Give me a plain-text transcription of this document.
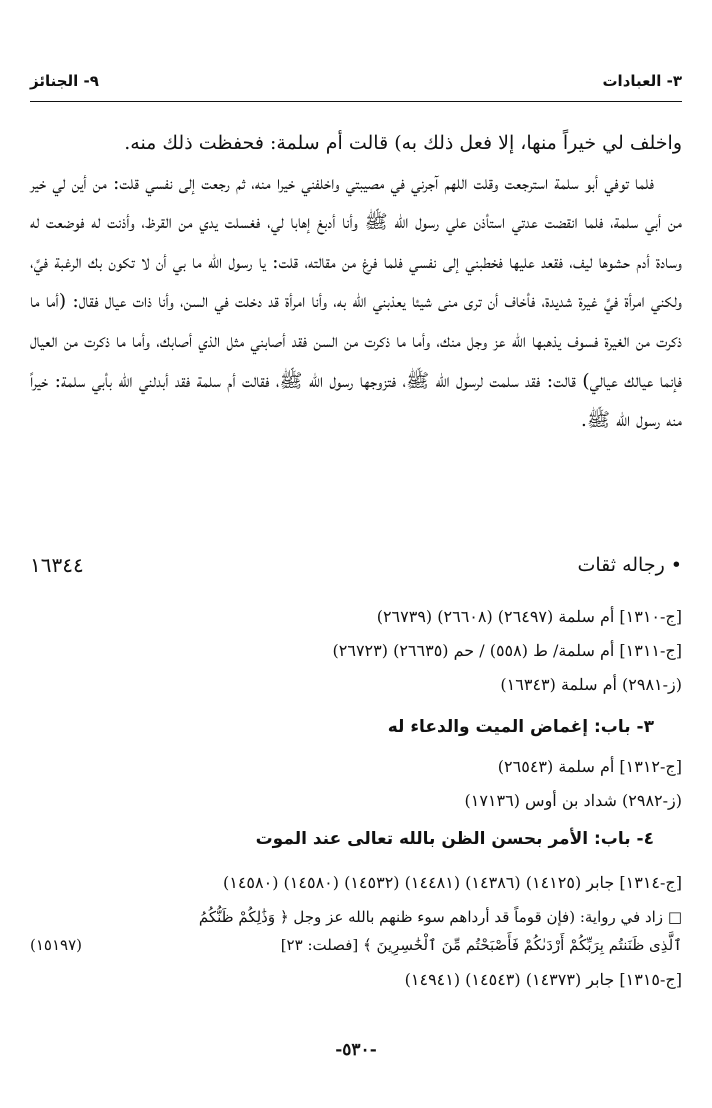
٣- العبادات
٩- الجنائز

واخلف لي خيراً منها، إلا فعل ذلك به) قالت أم سلمة: فحفظت ذلك منه.

فلما توفي أبو سلمة استرجعت وقلت اللهم آجرني في مصيبتي واخلفني خيرا منه، ثم رجعت إلى نفسي قلت: من أين لي خير من أبي سلمة، فلما انقضت عدتي استأذن علي رسول الله ﷺ وأنا أدبغ إهابا لي، فغسلت يدي من القرظ، وأذنت له فوضعت له وسادة أدم حشوها ليف، فقعد عليها فخطبني إلى نفسي فلما فرغ من مقالته، قلت: يا رسول الله ما بي أن لا تكون بك الرغبة فيَّ، ولكني امرأة فيَّ غيرة شديدة، فأخاف أن ترى منى شيئا يعذبني الله به، وأنا امرأة قد دخلت في السن، وأنا ذات عيال فقال: (أما ما ذكرت من الغيرة فسوف يذهبها الله عز وجل منك، وأما ما ذكرت من السن فقد أصابني مثل الذي أصابك، وأما ما ذكرت من العيال فإنما عيالك عيالي) قالت: فقد سلمت لرسول الله ﷺ، فتزوجها رسول الله ﷺ، فقالت أم سلمة فقد أبدلني الله بأبي سلمة: خيراً منه رسول الله ﷺ.

• رجاله ثقات
١٦٣٤٤
[ج-١٣١٠] أم سلمة (٢٦٤٩٧) (٢٦٦٠٨) (٢٦٧٣٩)
[ج-١٣١١] أم سلمة/ ط (٥٥٨) / حم (٢٦٦٣٥) (٢٦٧٢٣)
(ز-٢٩٨١) أم سلمة (١٦٣٤٣)
٣- باب: إغماض الميت والدعاء له
[ج-١٣١٢] أم سلمة (٢٦٥٤٣)
(ز-٢٩٨٢) شداد بن أوس (١٧١٣٦)
٤- باب: الأمر بحسن الظن بالله تعالى عند الموت
[ج-١٣١٤] جابر (١٤١٢٥) (١٤٣٨٦) (١٤٤٨١) (١٤٥٣٢) (١٤٥٨٠) (١٤٥٨٠)
□ زاد في رواية: (فإن قوماً قد أرداهم سوء ظنهم بالله عز وجل ﴿ وَذَٰلِكُمْ ظَنُّكُمُ
ٱلَّذِى ظَنَنتُم بِرَبِّكُمْ أَرْدَىٰكُمْ فَأَصْبَحْتُم مِّنَ ٱلْخَٰسِرِينَ ﴾ [فصلت: ٢٣]
(١٥١٩٧)
[ج-١٣١٥] جابر (١٤٣٧٣) (١٤٥٤٣) (١٤٩٤١)
-٥٣٠-
